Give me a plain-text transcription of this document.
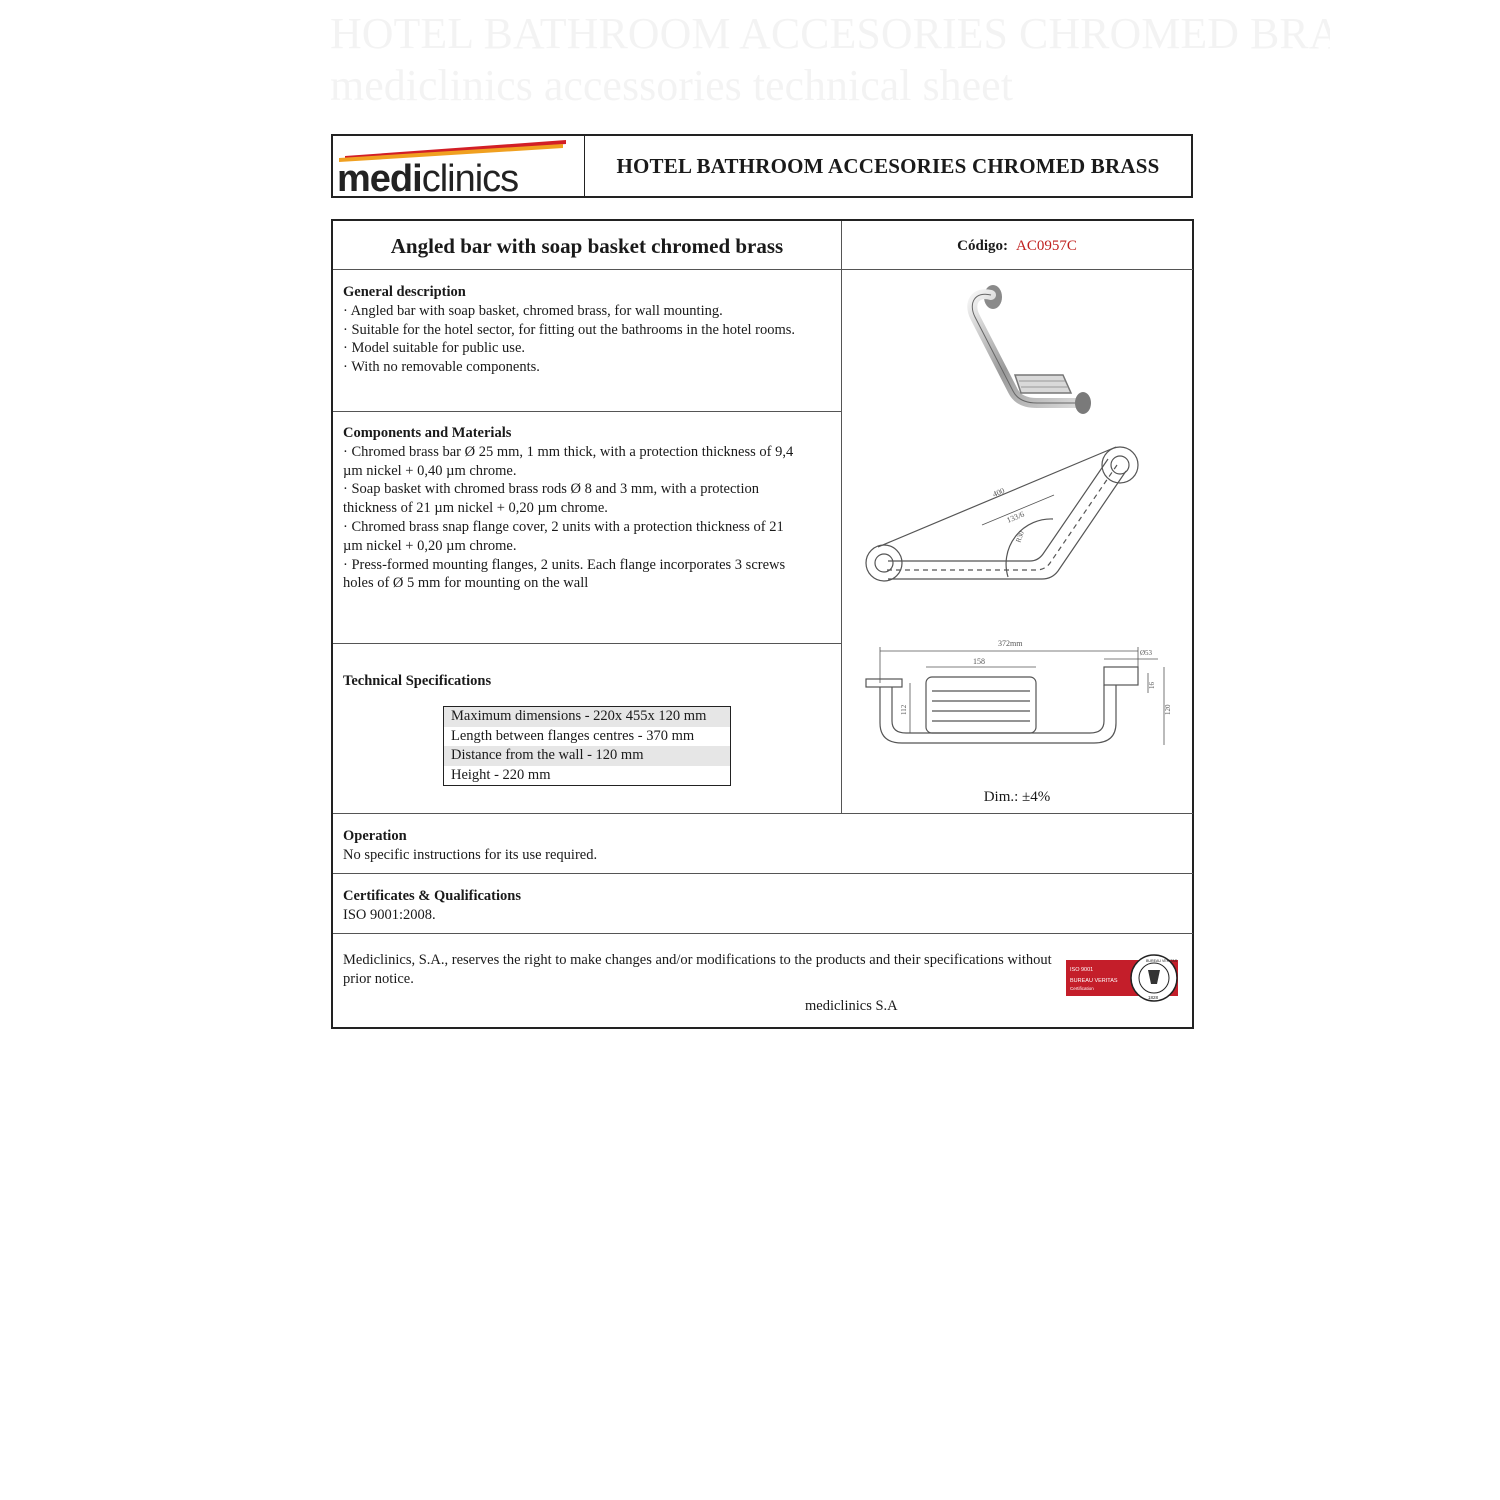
mediclinics	HOTEL BATHROOM ACCESORIES CHROMED BRASS
Angled bar with soap basket chromed brass	Código: AC0957C
General description

· Angled bar with soap basket, chromed brass, for wall mounting.

· Suitable for the hotel sector, for fitting out the bathrooms in the hotel rooms.

· Model suitable for public use.

· With no removable components.

Components and Materials

· Chromed brass bar Ø 25 mm, 1 mm thick, with a protection thickness of 9,4

µm nickel + 0,40 µm chrome.

· Soap basket with chromed brass rods Ø 8 and 3 mm, with a protection

thickness of 21 µm nickel + 0,20 µm chrome.

· Chromed brass snap flange cover, 2 units with a protection thickness of 21

µm nickel + 0,20 µm chrome.

· Press-formed mounting flanges, 2 units. Each flange incorporates 3 screws

holes of Ø 5 mm for mounting on the wall

Technical Specifications
Maximum dimensions - 220x 455x 120 mm
Length between flanges centres - 370 mm
Distance from the wall - 120 mm
Height - 220 mm
400
133/6
R30
372mm
158
Ø53
112
16
120
Dim.: ±4%
Operation

No specific instructions for its use required.

Certificates & Qualifications

ISO 9001:2008.

Mediclinics, S.A., reserves the right to make changes and/or modifications to the products and their specifications without prior notice.
mediclinics S.A
ISO 9001
BUREAU VERITAS
Certification
BUREAU VERITAS
1828
